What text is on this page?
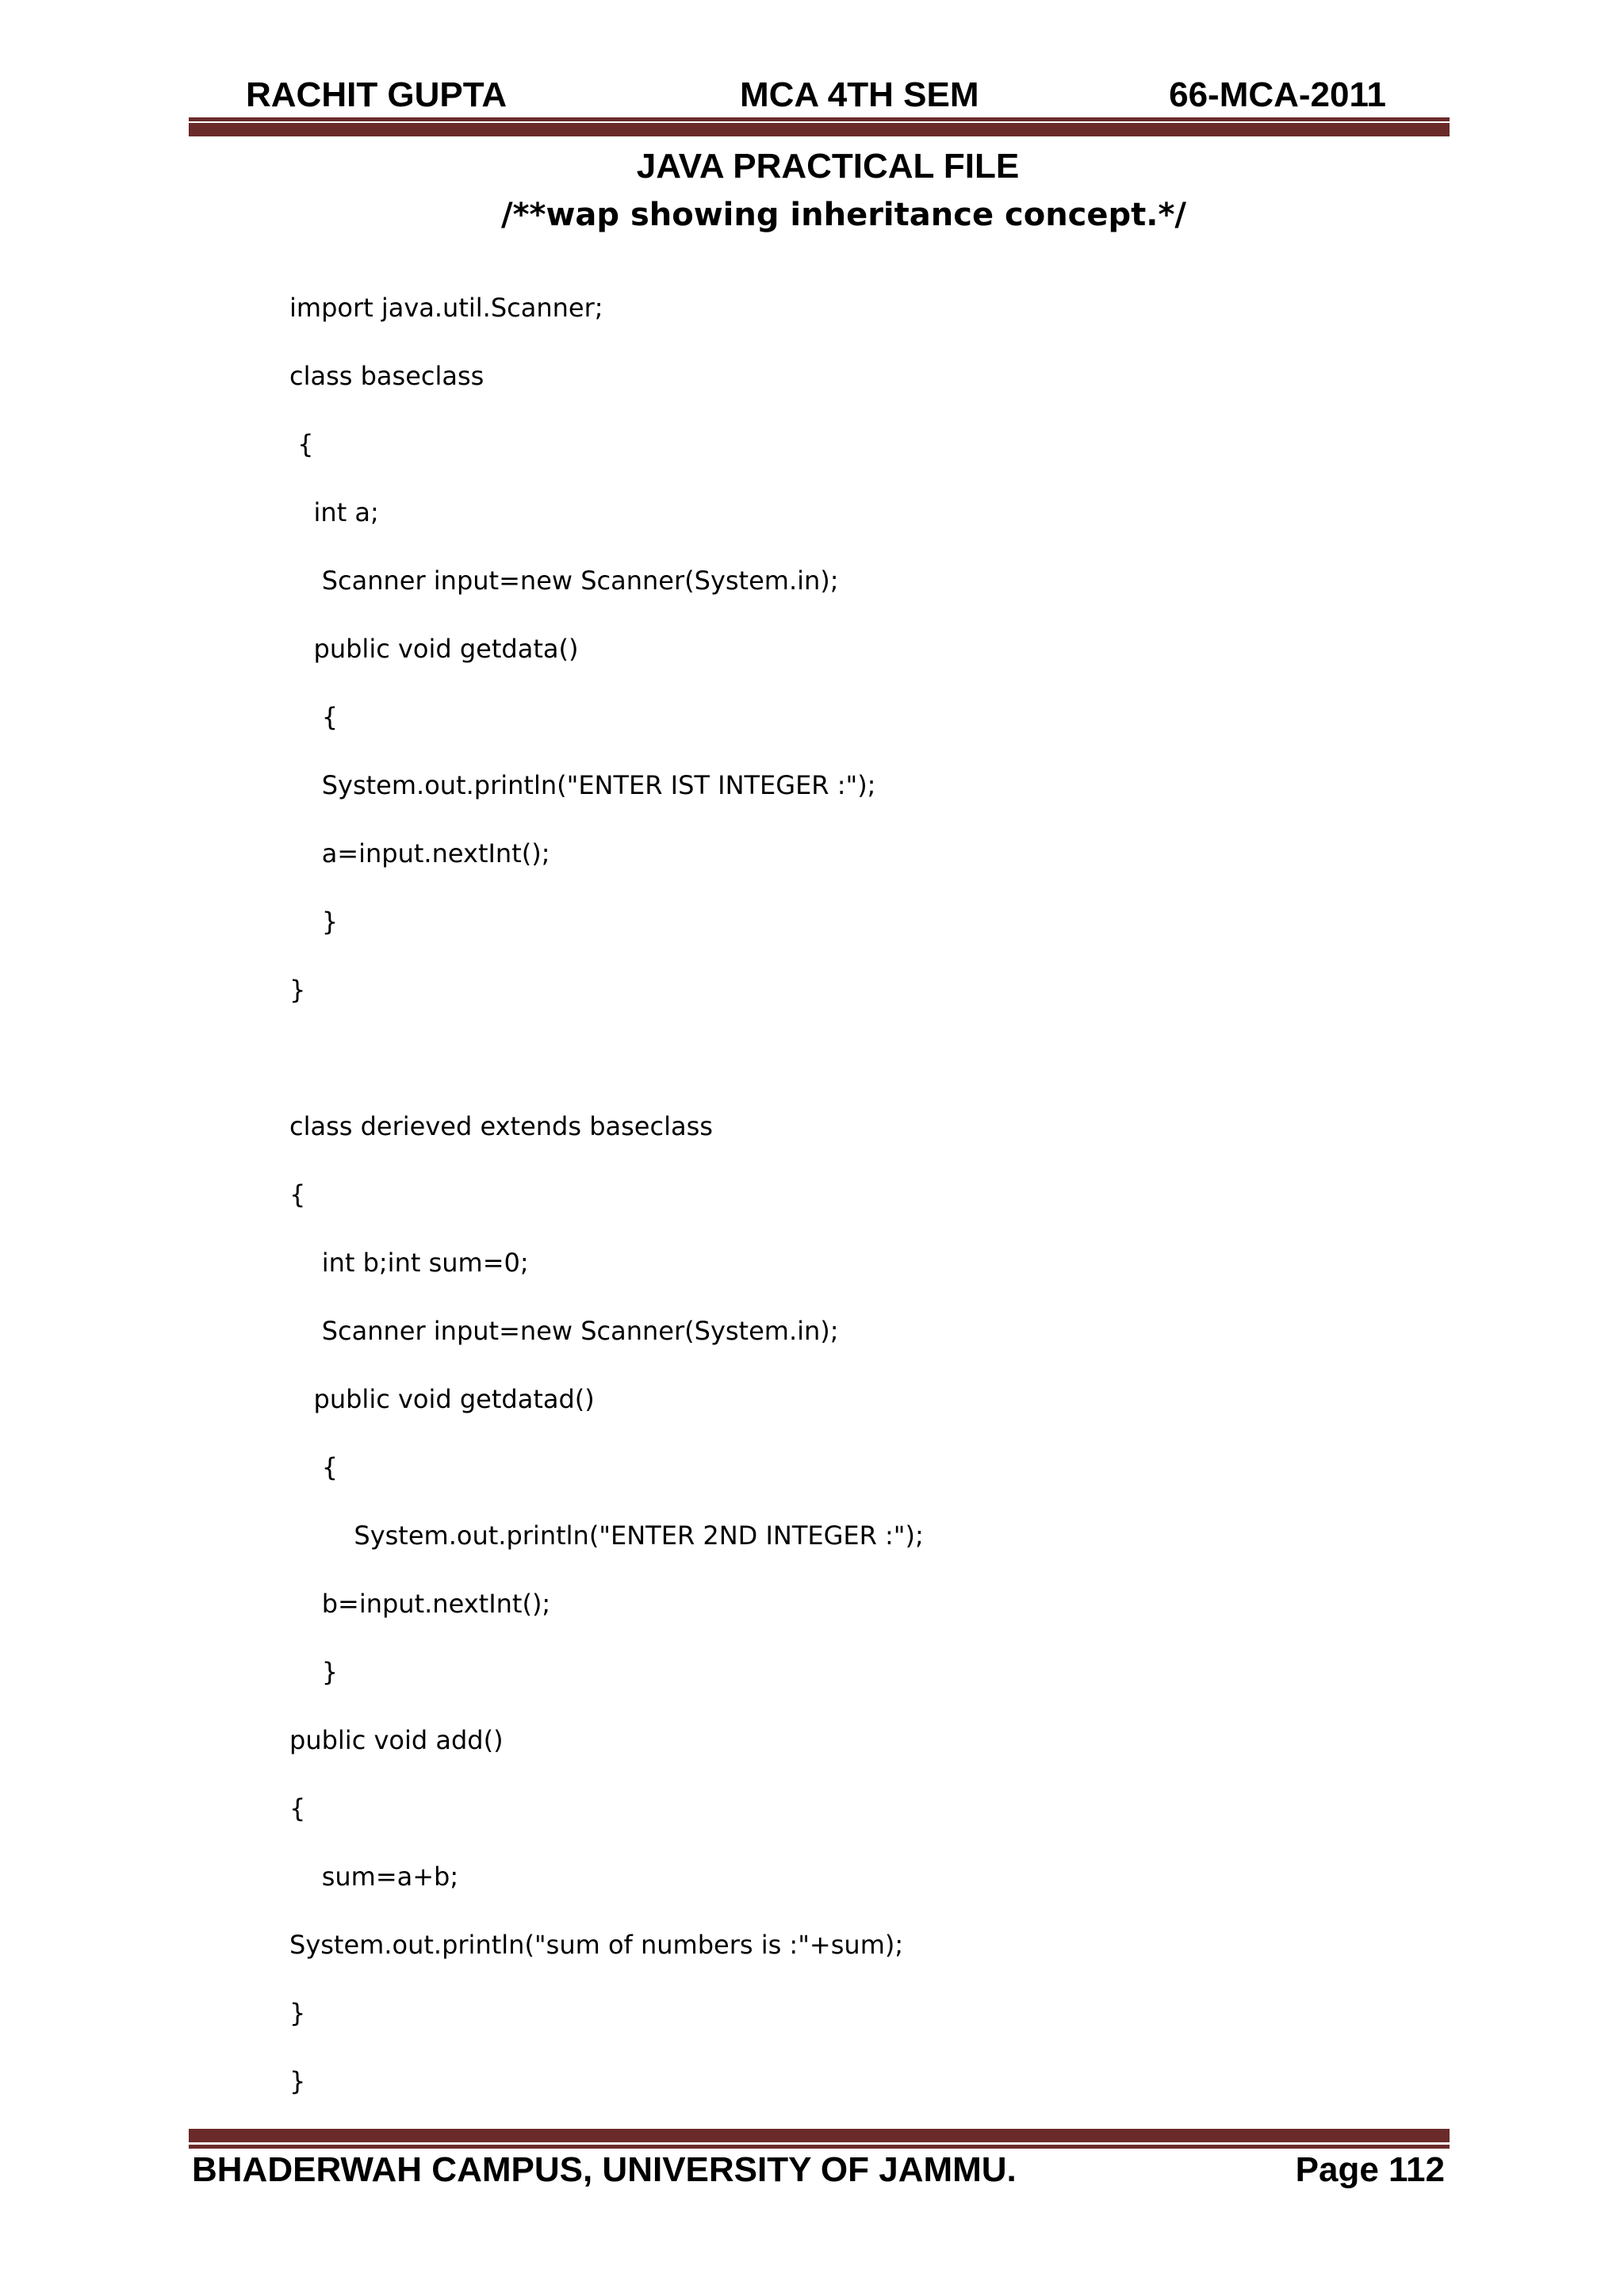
RACHIT GUPTA	MCA 4TH SEM	66-MCA-2011
JAVA PRACTICAL FILE
/**wap showing inheritance concept.*/
import java.util.Scanner;
class baseclass
{
int a;
Scanner input=new Scanner(System.in);
public void getdata()
{
System.out.println("ENTER IST INTEGER :");
a=input.nextInt();
}
}
class derieved extends baseclass
{
int b;int sum=0;
Scanner input=new Scanner(System.in);
public void getdatad()
{
System.out.println("ENTER 2ND INTEGER :");
b=input.nextInt();
}
public void add()
{
sum=a+b;
System.out.println("sum of numbers is :"+sum);
}
}
BHADERWAH CAMPUS, UNIVERSITY OF JAMMU.	Page 112
